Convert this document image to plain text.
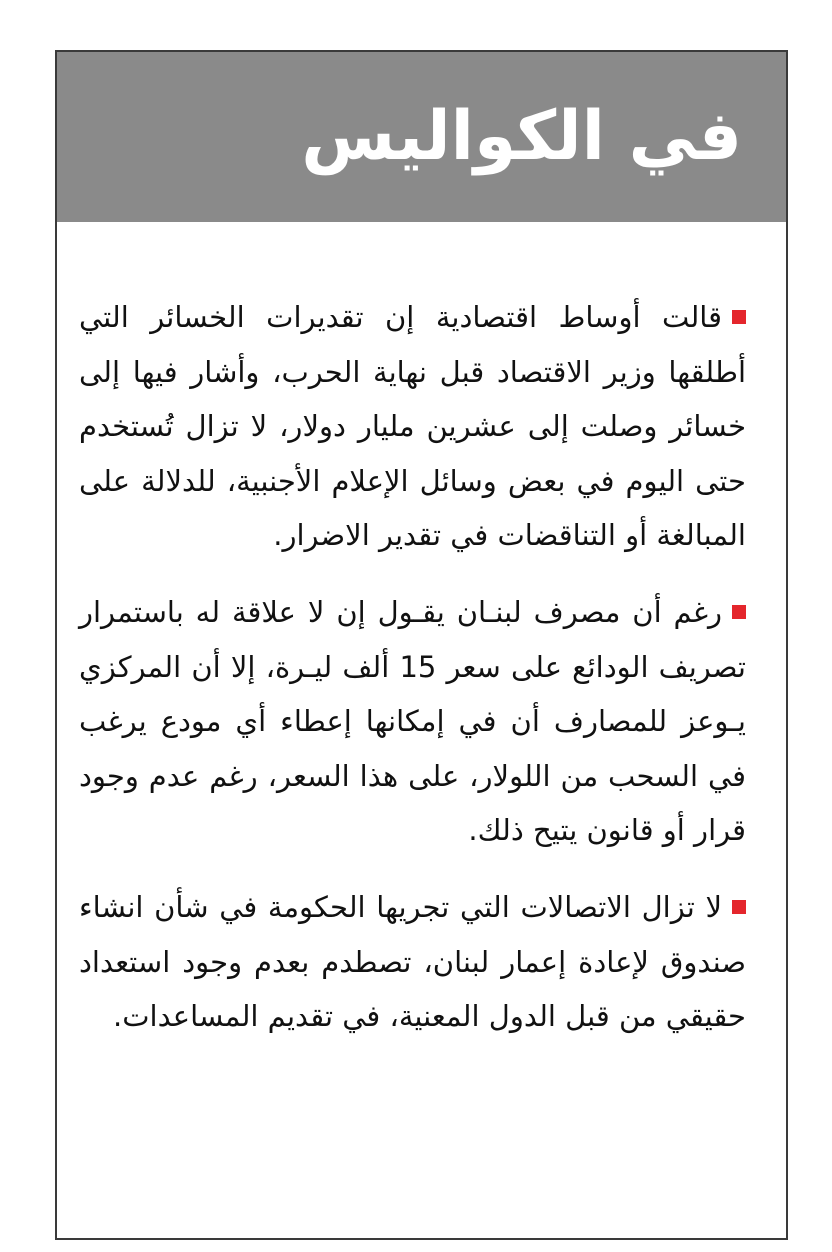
في الكواليس

قالت أوساط اقتصادية إن تقديرات الخسائر التي أطلقها وزير الاقتصاد قبل نهاية الحرب، وأشار فيها إلى خسائر وصلت إلى عشرين مليار دولار، لا تزال تُستخدم حتى اليوم في بعض وسائل الإعلام الأجنبية، للدلالة على المبالغة أو التناقضات في تقدير الاضرار.

رغم أن مصرف لبنـان يقـول إن لا علاقة له باستمرار تصريف الودائع على سعر 15 ألف ليـرة، إلا أن المركزي يـوعز للمصارف أن في إمكانها إعطاء أي مودع يرغب في السحب من اللولار، على هذا السعر، رغم عدم وجود قرار أو قانون يتيح ذلك.

لا تزال الاتصالات التي تجريها الحكومة في شأن انشاء صندوق لإعادة إعمار لبنان، تصطدم بعدم وجود استعداد حقيقي من قبل الدول المعنية، في تقديم المساعدات.
